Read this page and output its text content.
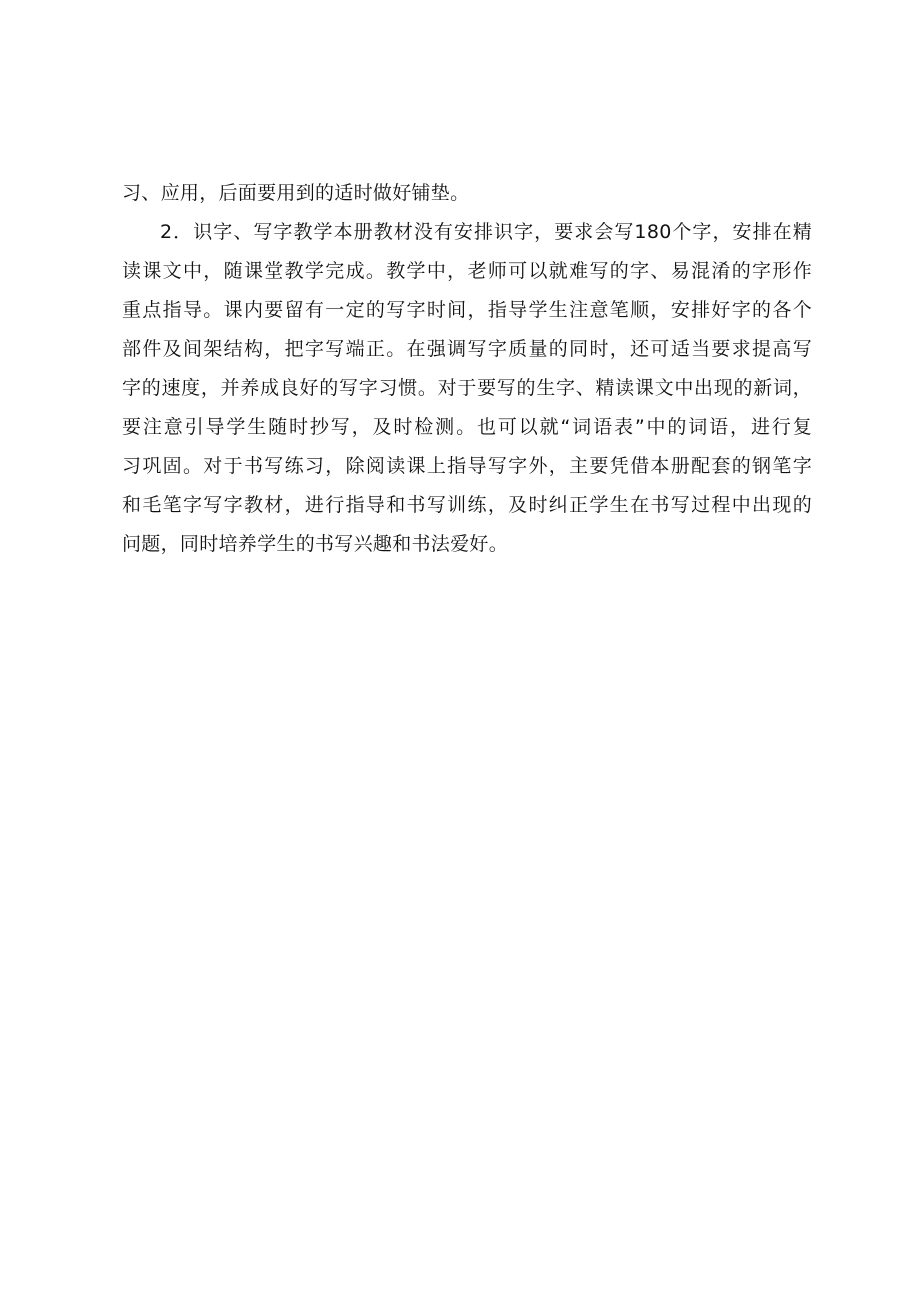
习、应用，后面要用到的适时做好铺垫。
2．识字、写字教学本册教材没有安排识字，要求会写180个字，安排在精
读课文中，随课堂教学完成。教学中，老师可以就难写的字、易混淆的字形作
重点指导。课内要留有一定的写字时间，指导学生注意笔顺，安排好字的各个
部件及间架结构，把字写端正。在强调写字质量的同时，还可适当要求提高写
字的速度，并养成良好的写字习惯。对于要写的生字、精读课文中出现的新词，
要注意引导学生随时抄写，及时检测。也可以就“词语表”中的词语，进行复
习巩固。对于书写练习，除阅读课上指导写字外，主要凭借本册配套的钢笔字
和毛笔字写字教材，进行指导和书写训练，及时纠正学生在书写过程中出现的
问题，同时培养学生的书写兴趣和书法爱好。
